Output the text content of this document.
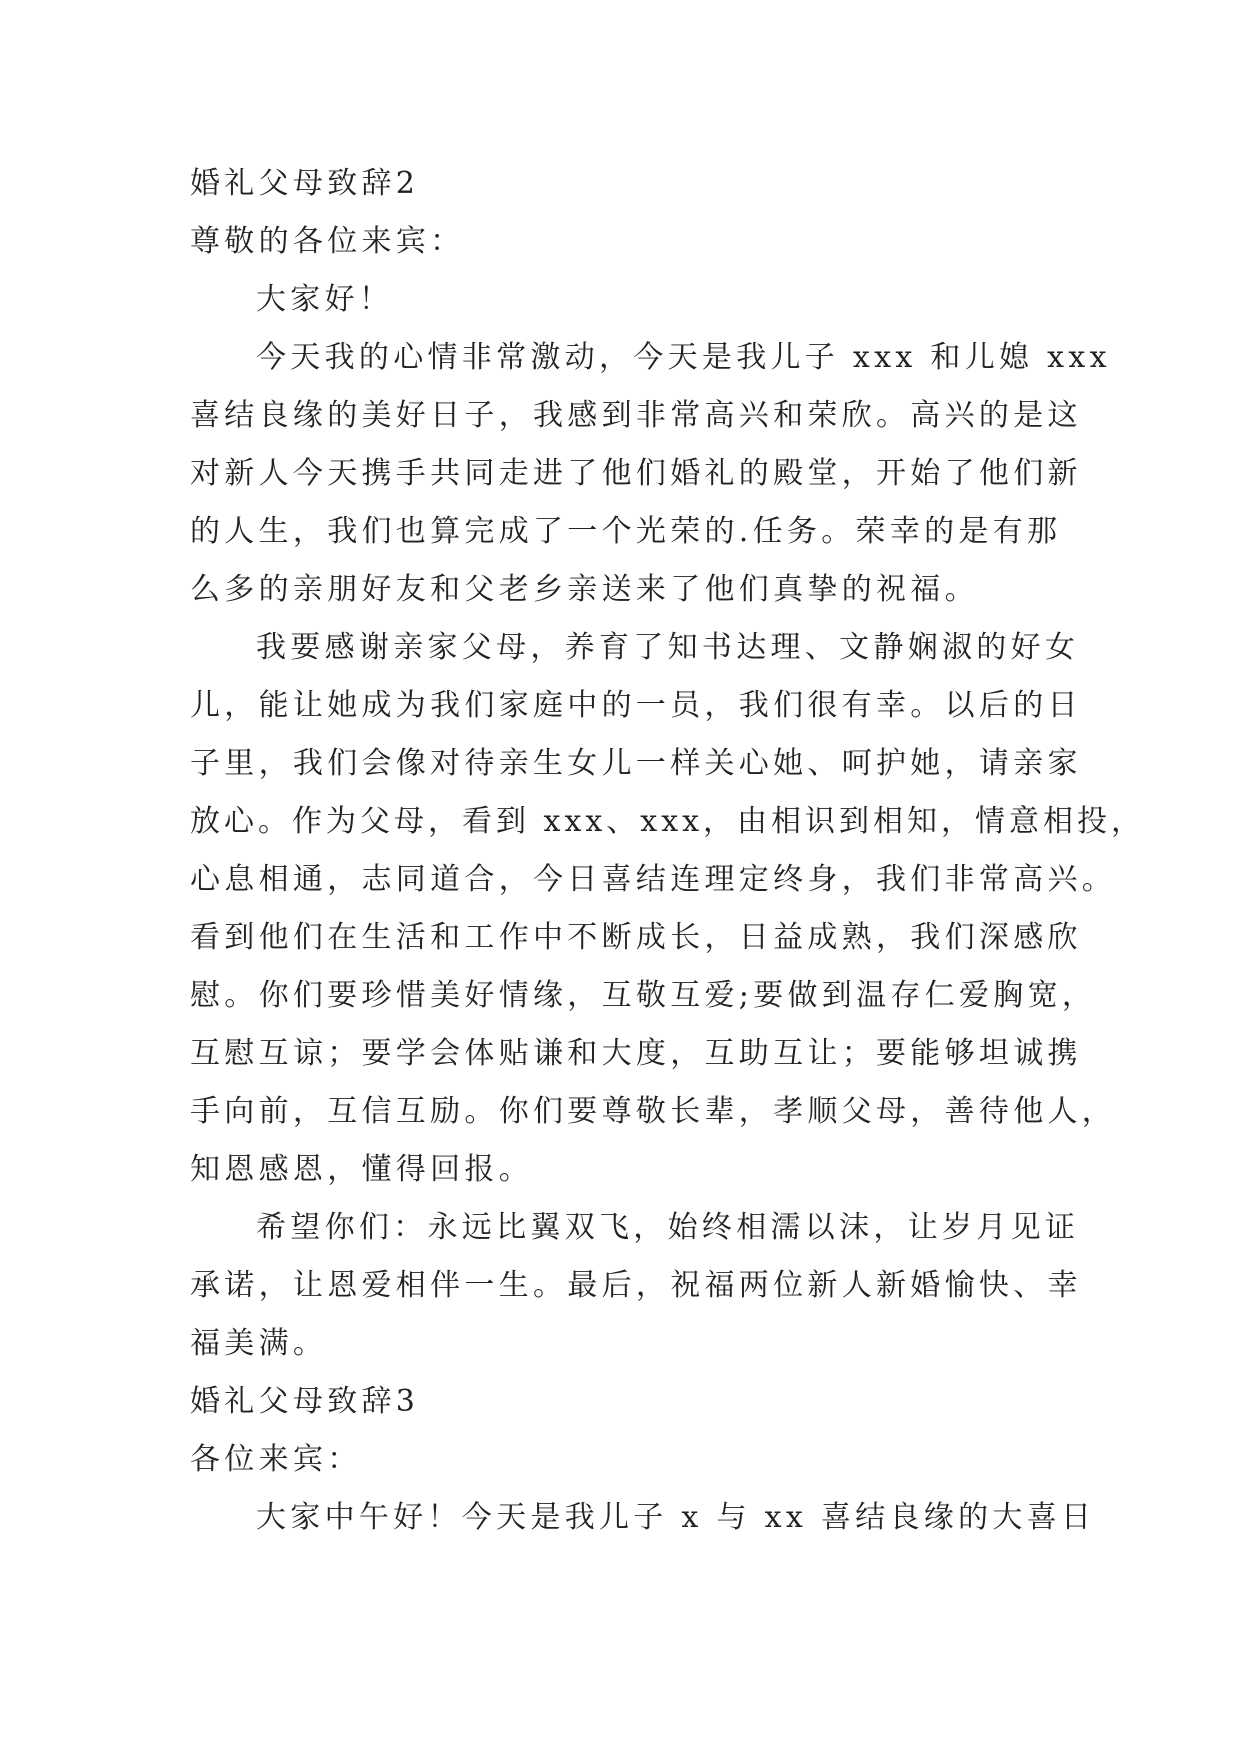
婚礼父母致辞2

尊敬的各位来宾：

大家好！

今天我的心情非常激动，今天是我儿子 xxx 和儿媳 xxx

喜结良缘的美好日子，我感到非常高兴和荣欣。高兴的是这

对新人今天携手共同走进了他们婚礼的殿堂，开始了他们新

的人生，我们也算完成了一个光荣的.任务。荣幸的是有那

么多的亲朋好友和父老乡亲送来了他们真挚的祝福。

我要感谢亲家父母，养育了知书达理、文静娴淑的好女

儿，能让她成为我们家庭中的一员，我们很有幸。以后的日

子里，我们会像对待亲生女儿一样关心她、呵护她，请亲家

放心。作为父母，看到 xxx、xxx，由相识到相知，情意相投，

心息相通，志同道合，今日喜结连理定终身，我们非常高兴。

看到他们在生活和工作中不断成长，日益成熟，我们深感欣

慰。你们要珍惜美好情缘，互敬互爱;要做到温存仁爱胸宽，

互慰互谅；要学会体贴谦和大度，互助互让；要能够坦诚携

手向前，互信互励。你们要尊敬长辈，孝顺父母，善待他人，

知恩感恩，懂得回报。

希望你们：永远比翼双飞，始终相濡以沫，让岁月见证

承诺，让恩爱相伴一生。最后，祝福两位新人新婚愉快、幸

福美满。

婚礼父母致辞3

各位来宾：

大家中午好！今天是我儿子 x 与 xx 喜结良缘的大喜日
